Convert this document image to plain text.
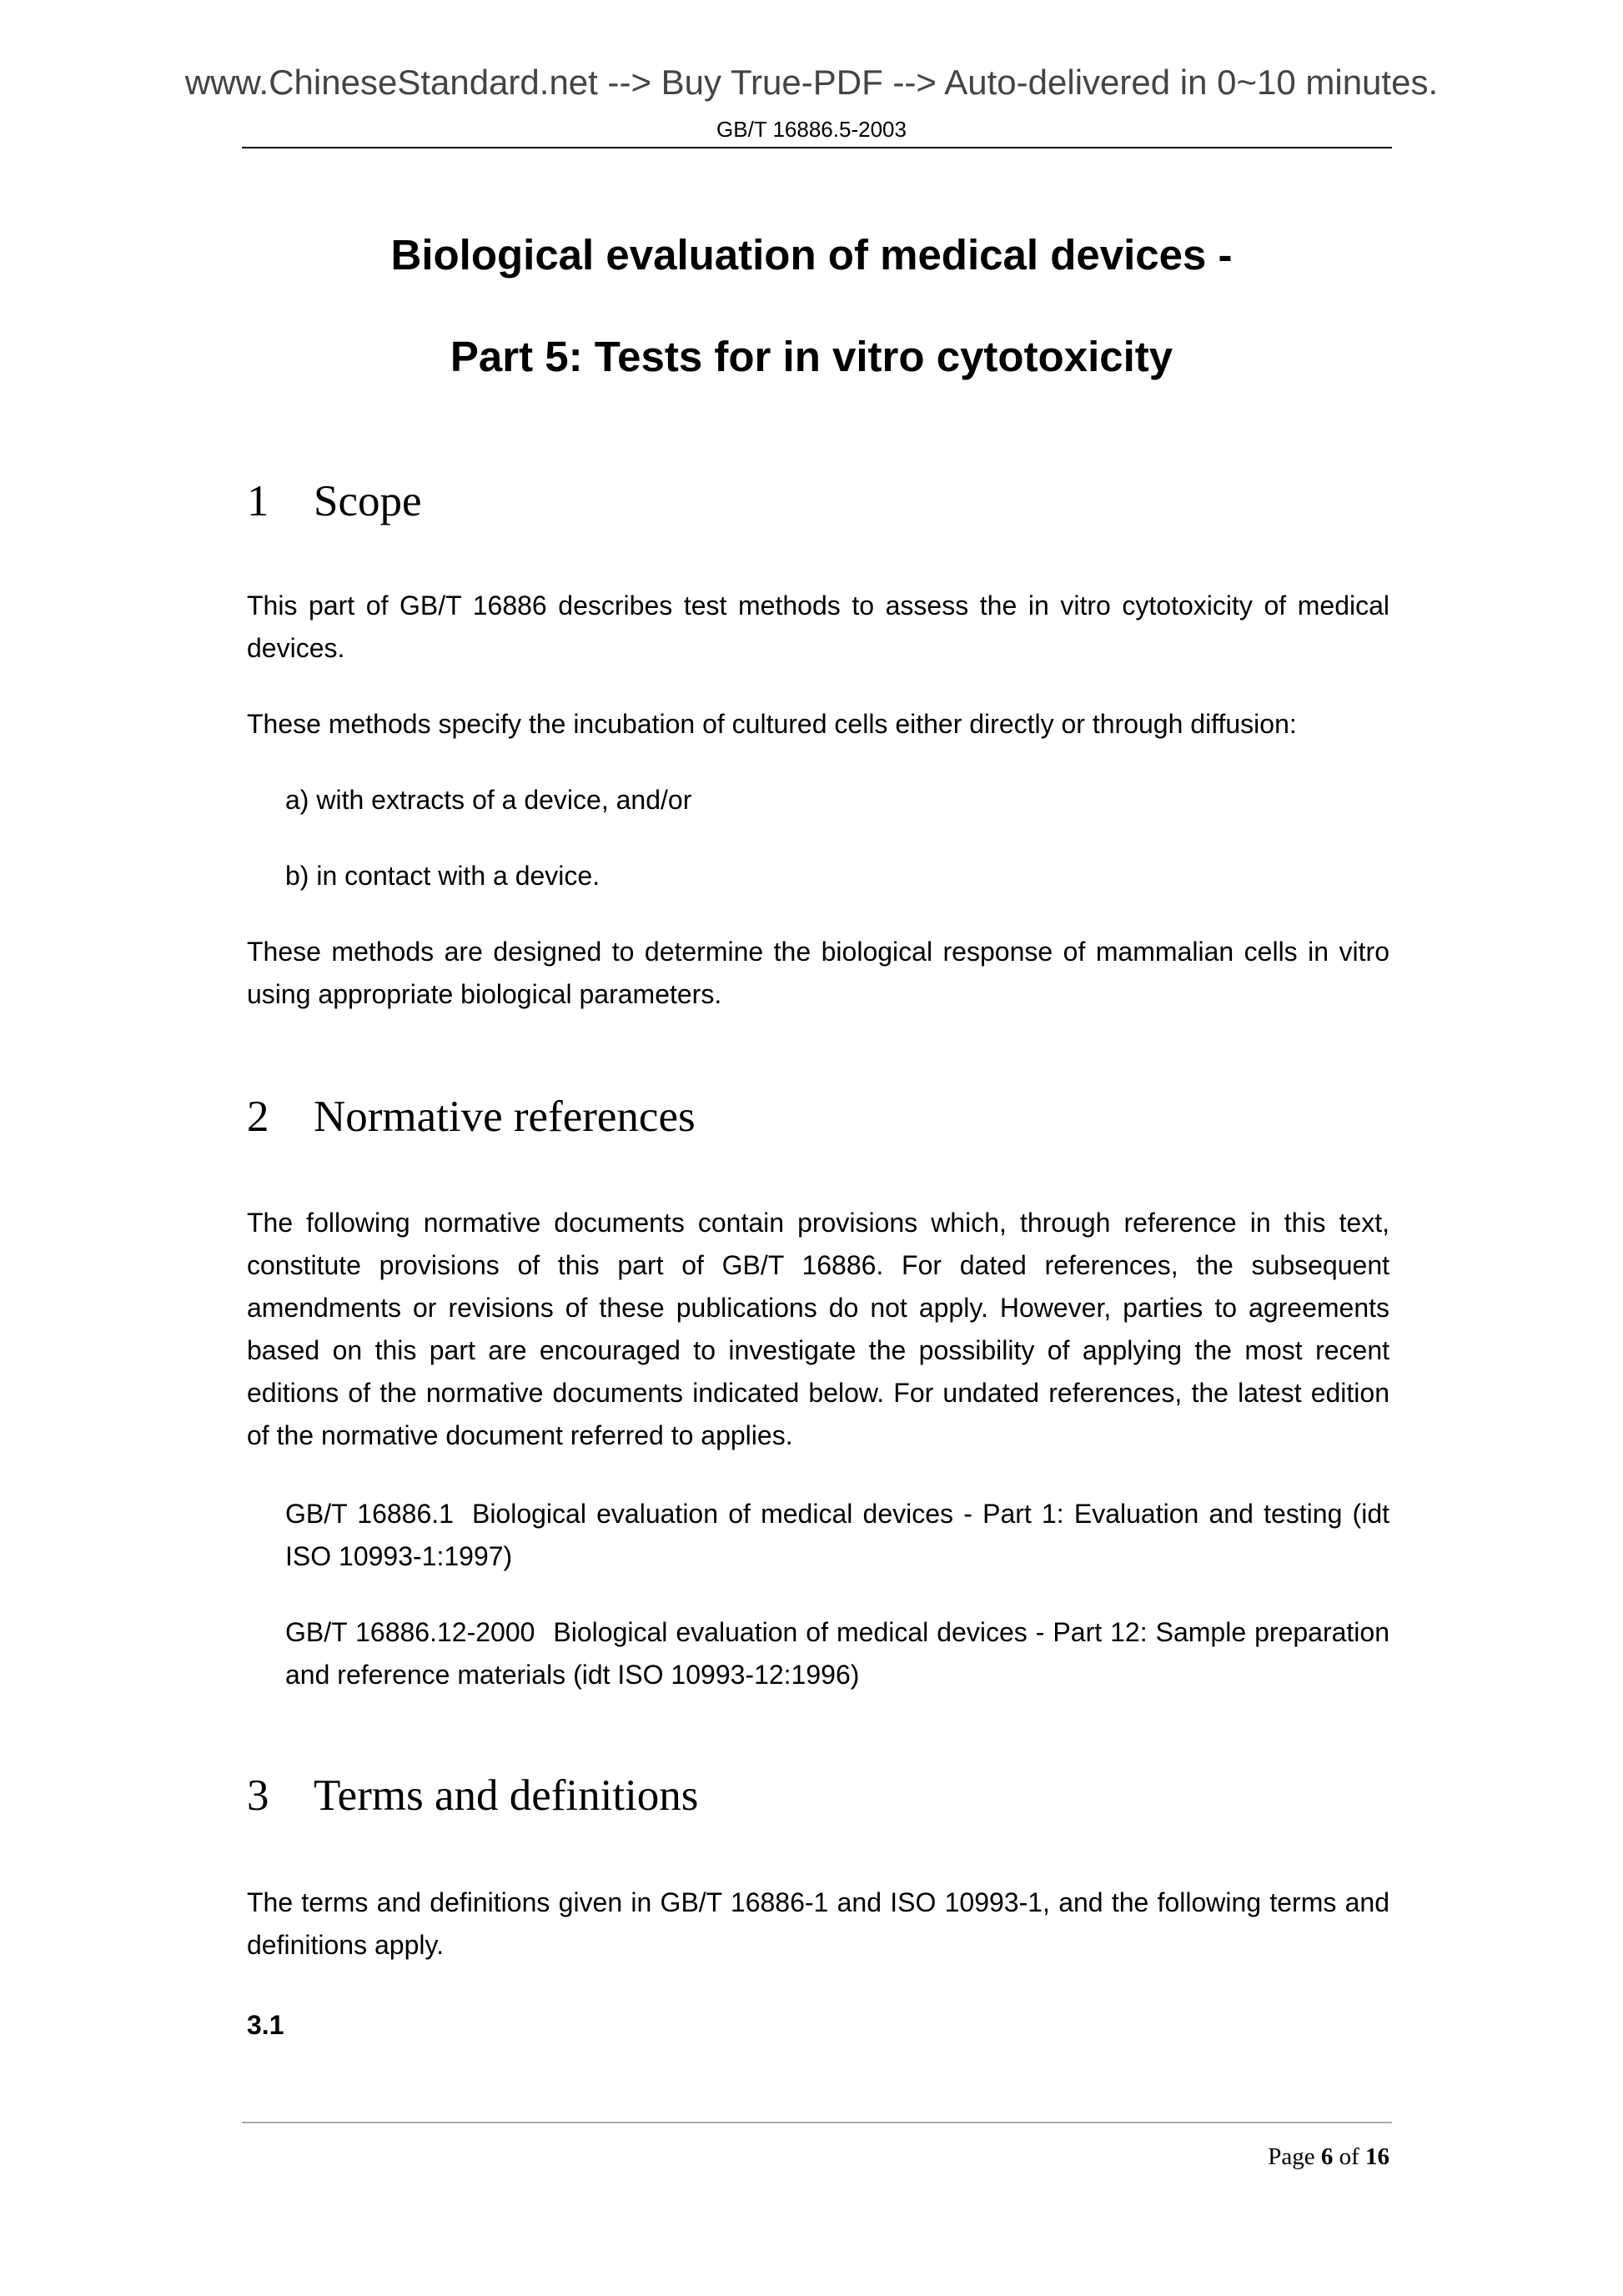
www.ChineseStandard.net --> Buy True-PDF --> Auto-delivered in 0~10 minutes.
GB/T 16886.5-2003
Biological evaluation of medical devices -
Part 5: Tests for in vitro cytotoxicity
1 Scope
This part of GB/T 16886 describes test methods to assess the in vitro cytotoxicity of medical devices.
These methods specify the incubation of cultured cells either directly or through diffusion:
a) with extracts of a device, and/or
b) in contact with a device.
These methods are designed to determine the biological response of mammalian cells in vitro using appropriate biological parameters.
2 Normative references
The following normative documents contain provisions which, through reference in this text, constitute provisions of this part of GB/T 16886. For dated references, the subsequent amendments or revisions of these publications do not apply. However, parties to agreements based on this part are encouraged to investigate the possibility of applying the most recent editions of the normative documents indicated below. For undated references, the latest edition of the normative document referred to applies.
GB/T 16886.1 Biological evaluation of medical devices - Part 1: Evaluation and testing (idt ISO 10993-1:1997)
GB/T 16886.12-2000 Biological evaluation of medical devices - Part 12: Sample preparation and reference materials (idt ISO 10993-12:1996)
3 Terms and definitions
The terms and definitions given in GB/T 16886-1 and ISO 10993-1, and the following terms and definitions apply.
3.1
Page 6 of 16
